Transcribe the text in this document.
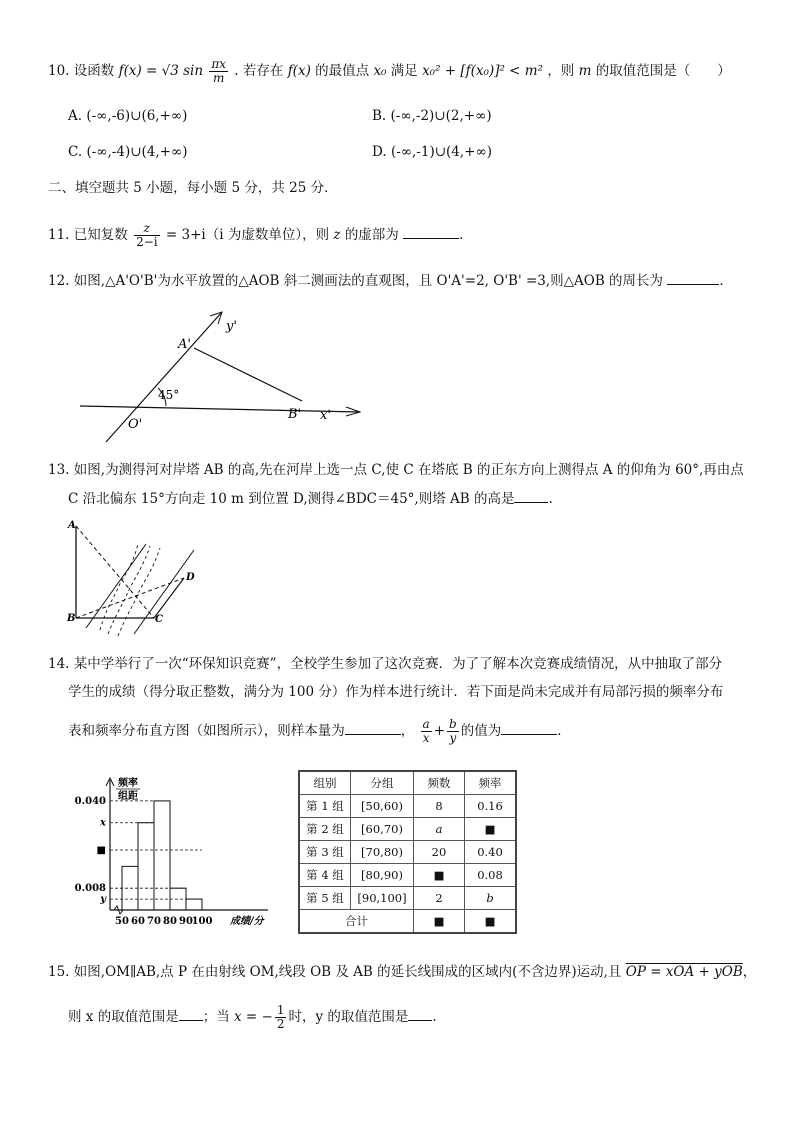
10. 设函数 f(x) = √3 $\sin \frac{\pi x}{m}$ . 若存在 f(x) 的最值点 x₀ 满足 x₀² + [f(x₀)]² < m² ，则 m 的取值范围是（　　）
A. (-∞,-6)∪(6,+∞)	B. (-∞,-2)∪(2,+∞)
C. (-∞,-4)∪(4,+∞)	D. (-∞,-1)∪(4,+∞)
二、填空题共 5 小题，每小题 5 分，共 25 分．
11. 已知复数 $\frac{z}{2-i} = 3+i(i$ 为虚数单位），则 z 的虚部为	．
12. 如图,△A'O'B'为水平放置的△AOB 斜二测画法的直观图，且 O'A'=2, O'B' =3,则△AOB 的周长为	．
45°
A'
O'
B' x'
y'
13. 如图,为测得河对岸塔 AB 的高,先在河岸上选一点 C,使 C 在塔底 B 的正东方向上测得点 A 的仰角为 60°,再由点
C 沿北偏东 15°方向走 10 m 到位置 D,测得∠BDC＝45°,则塔 AB 的高是	.
A
B	C
D
14. 某中学举行了一次“环保知识竞赛”，全校学生参加了这次竞赛．为了了解本次竞赛成绩情况，从中抽取了部分
学生的成绩（得分取正整数，满分为 100 分）作为样本进行统计．若下面是尚未完成并有局部污损的频率分布
表和频率分布直方图（如图所示），则样本量为	， $\frac{a}{x} + \frac{b}{y}$ 的值为	．
频率
组距
成绩/分
0.040
x
■
0.008
y
50 60 70 80 90
100
组别	分组	频数	频率
第 1 组	[50,60)	8	0.16
第 2 组	[60,70)	a	■
第 3 组	[70,80)	20	0.40
第 4 组	[80,90)	■	0.08
第 5 组	[90,100]	2	b
合计		■	■
15. 如图,OM∥AB,点 P 在由射线 OM,线段 OB 及 AB 的延长线围成的区域内(不含边界)运动,且 OP = xOA + yOB，
则 x 的取值范围是 ；当 x = − $\frac{1}{2}$ 时，y 的取值范围是 .
